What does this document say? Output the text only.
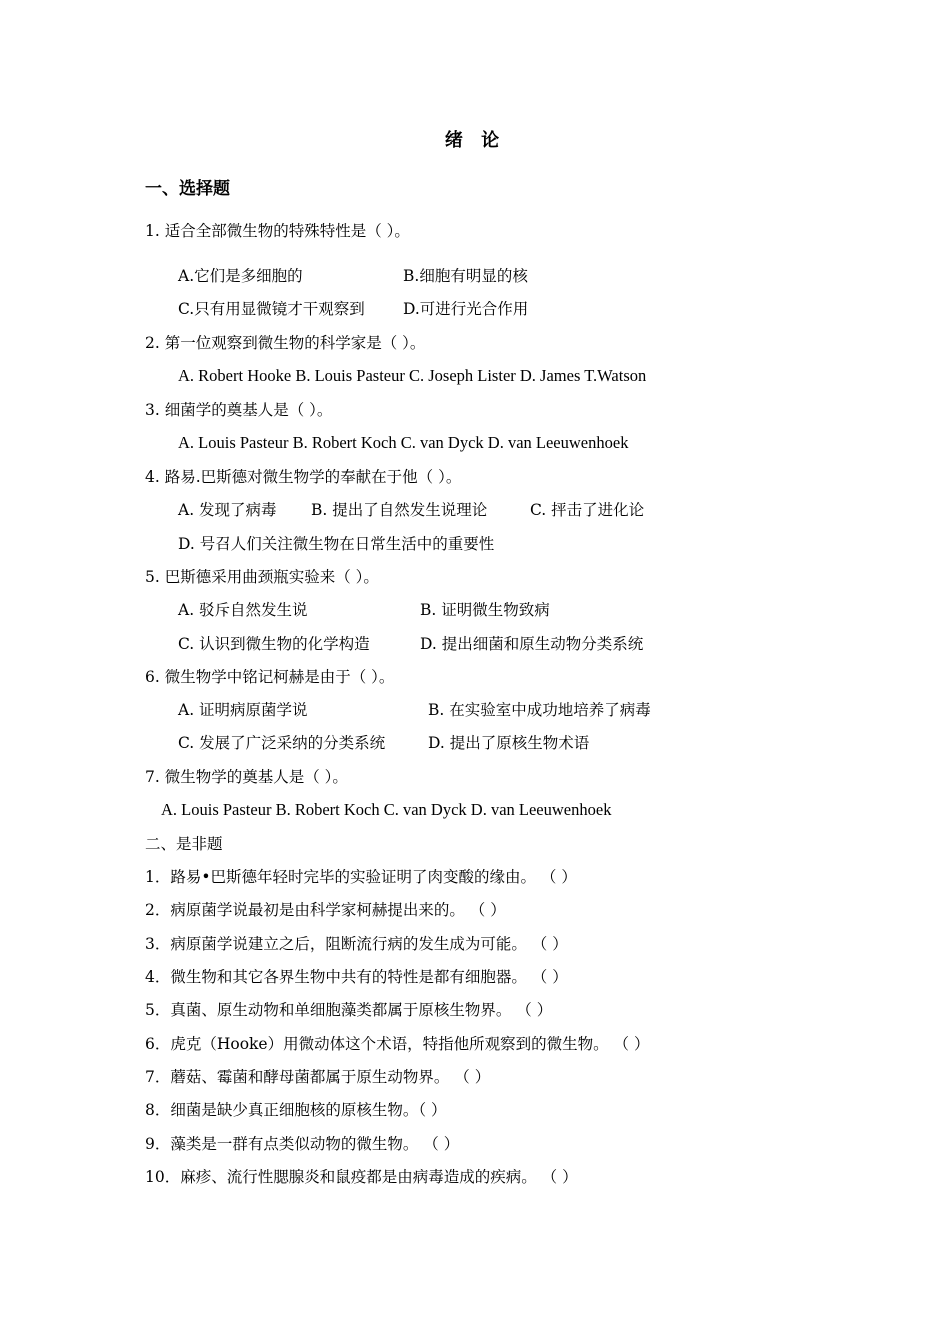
绪 论
一、选择题
1. 适合全部微生物的特殊特性是（ ）。
A.它们是多细胞的	B.细胞有明显的核
C.只有用显微镜才干观察到 D.可进行光合作用
2. 第一位观察到微生物的科学家是（ ）。
A. Robert Hooke B. Louis Pasteur C. Joseph Lister D. James T.Watson
3. 细菌学的奠基人是（ ）。
A. Louis Pasteur B. Robert Koch C. van Dyck D. van Leeuwenhoek
4. 路易.巴斯德对微生物学的奉献在于他（ ）。
A. 发现了病毒 B. 提出了自然发生说理论	C. 抨击了进化论
D. 号召人们关注微生物在日常生活中的重要性
5. 巴斯德采用曲颈瓶实验来（ ）。
A. 驳斥自然发生说	B. 证明微生物致病
C. 认识到微生物的化学构造	D. 提出细菌和原生动物分类系统
6. 微生物学中铭记柯赫是由于（ ）。
A. 证明病原菌学说	B. 在实验室中成功地培养了病毒
C. 发展了广泛采纳的分类系统	D. 提出了原核生物术语
7. 微生物学的奠基人是（ ）。
A. Louis Pasteur B. Robert Koch C. van Dyck D. van Leeuwenhoek
二、是非题
1．路易•巴斯德年轻时完毕的实验证明了肉变酸的缘由。 （ ）
2．病原菌学说最初是由科学家柯赫提出来的。 （ ）
3．病原菌学说建立之后，阻断流行病的发生成为可能。 （ ）
4．微生物和其它各界生物中共有的特性是都有细胞器。 （ ）
5．真菌、原生动物和单细胞藻类都属于原核生物界。 （ ）
6．虎克（Hooke）用微动体这个术语，特指他所观察到的微生物。 （ ）
7．蘑菇、霉菌和酵母菌都属于原生动物界。 （ ）
8．细菌是缺少真正细胞核的原核生物。（ ）
9．藻类是一群有点类似动物的微生物。 （ ）
10．麻疹、流行性腮腺炎和鼠疫都是由病毒造成的疾病。 （ ）
